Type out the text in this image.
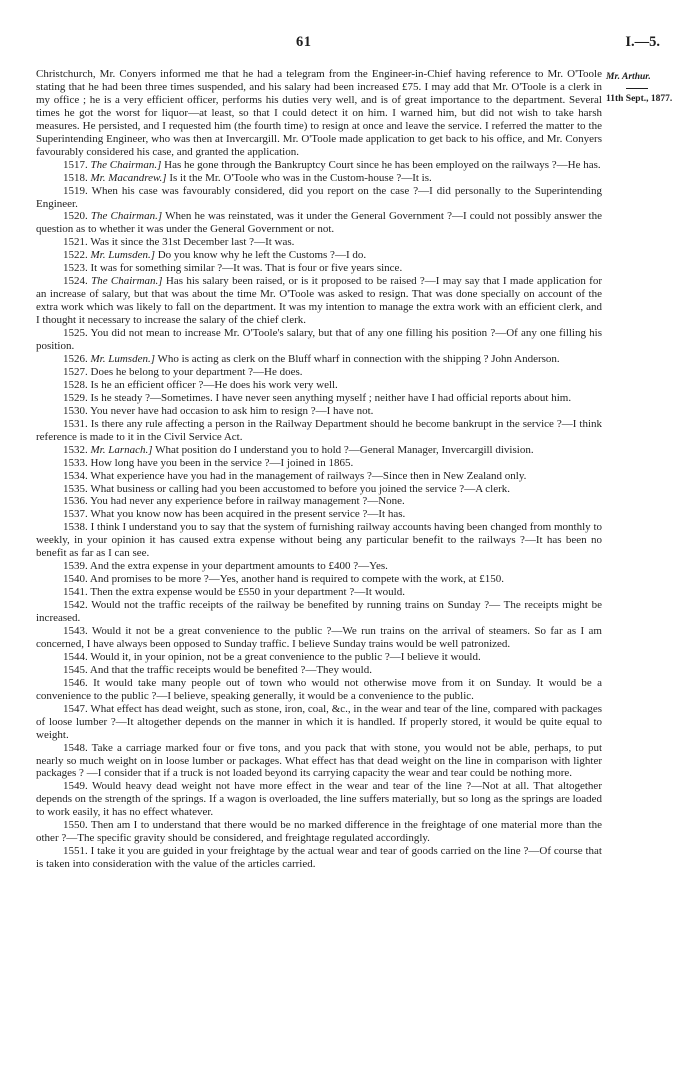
61	I.—5.
Mr. Arthur.
11th Sept., 1877.

Christchurch, Mr. Conyers informed me that he had a telegram from the Engineer-in-Chief having reference to Mr. O'Toole stating that he had been three times suspended, and his salary had been increased £75. I may add that Mr. O'Toole is a clerk in my office ; he is a very efficient officer, performs his duties very well, and is of great importance to the department. Several times he got the worst for liquor—at least, so that I could detect it on him. I warned him, but did not wish to take harsh measures. He persisted, and I requested him (the fourth time) to resign at once and leave the service. I referred the matter to the Superintending Engineer, who was then at Invercargill. Mr. O'Toole made application to get back to his office, and Mr. Conyers favourably considered his case, and granted the application.

1517. The Chairman.] Has he gone through the Bankruptcy Court since he has been employed on the railways ?—He has.

1518. Mr. Macandrew.] Is it the Mr. O'Toole who was in the Custom-house ?—It is.

1519. When his case was favourably considered, did you report on the case ?—I did personally to the Superintending Engineer.

1520. The Chairman.] When he was reinstated, was it under the General Government ?—I could not possibly answer the question as to whether it was under the General Government or not.

1521. Was it since the 31st December last ?—It was.

1522. Mr. Lumsden.] Do you know why he left the Customs ?—I do.

1523. It was for something similar ?—It was. That is four or five years since.

1524. The Chairman.] Has his salary been raised, or is it proposed to be raised ?—I may say that I made application for an increase of salary, but that was about the time Mr. O'Toole was asked to resign. That was done specially on account of the extra work which was likely to fall on the department. It was my intention to manage the extra work with an efficient clerk, and I thought it necessary to increase the salary of the chief clerk.

1525. You did not mean to increase Mr. O'Toole's salary, but that of any one filling his position ?—Of any one filling his position.

1526. Mr. Lumsden.] Who is acting as clerk on the Bluff wharf in connection with the shipping ? John Anderson.

1527. Does he belong to your department ?—He does.

1528. Is he an efficient officer ?—He does his work very well.

1529. Is he steady ?—Sometimes. I have never seen anything myself ; neither have I had official reports about him.

1530. You never have had occasion to ask him to resign ?—I have not.

1531. Is there any rule affecting a person in the Railway Department should he become bankrupt in the service ?—I think reference is made to it in the Civil Service Act.

1532. Mr. Larnach.] What position do I understand you to hold ?—General Manager, Invercargill division.

1533. How long have you been in the service ?—I joined in 1865.

1534. What experience have you had in the management of railways ?—Since then in New Zealand only.

1535. What business or calling had you been accustomed to before you joined the service ?—A clerk.

1536. You had never any experience before in railway management ?—None.

1537. What you know now has been acquired in the present service ?—It has.

1538. I think I understand you to say that the system of furnishing railway accounts having been changed from monthly to weekly, in your opinion it has caused extra expense without being any particular benefit to the railways ?—It has been no benefit as far as I can see.

1539. And the extra expense in your department amounts to £400 ?—Yes.

1540. And promises to be more ?—Yes, another hand is required to compete with the work, at £150.

1541. Then the extra expense would be £550 in your department ?—It would.

1542. Would not the traffic receipts of the railway be benefited by running trains on Sunday ?— The receipts might be increased.

1543. Would it not be a great convenience to the public ?—We run trains on the arrival of steamers. So far as I am concerned, I have always been opposed to Sunday traffic. I believe Sunday trains would be well patronized.

1544. Would it, in your opinion, not be a great convenience to the public ?—I believe it would.

1545. And that the traffic receipts would be benefited ?—They would.

1546. It would take many people out of town who would not otherwise move from it on Sunday. It would be a convenience to the public ?—I believe, speaking generally, it would be a convenience to the public.

1547. What effect has dead weight, such as stone, iron, coal, &c., in the wear and tear of the line, compared with packages of loose lumber ?—It altogether depends on the manner in which it is handled. If properly stored, it would be quite equal to weight.

1548. Take a carriage marked four or five tons, and you pack that with stone, you would not be able, perhaps, to put nearly so much weight on in loose lumber or packages. What effect has that dead weight on the line in comparison with lighter packages ? —I consider that if a truck is not loaded beyond its carrying capacity the wear and tear could be nothing more.

1549. Would heavy dead weight not have more effect in the wear and tear of the line ?—Not at all. That altogether depends on the strength of the springs. If a wagon is overloaded, the line suffers materially, but so long as the springs are loaded to work easily, it has no effect whatever.

1550. Then am I to understand that there would be no marked difference in the freightage of one material more than the other ?—The specific gravity should be considered, and freightage regulated accordingly.

1551. I take it you are guided in your freightage by the actual wear and tear of goods carried on the line ?—Of course that is taken into consideration with the value of the articles carried.
